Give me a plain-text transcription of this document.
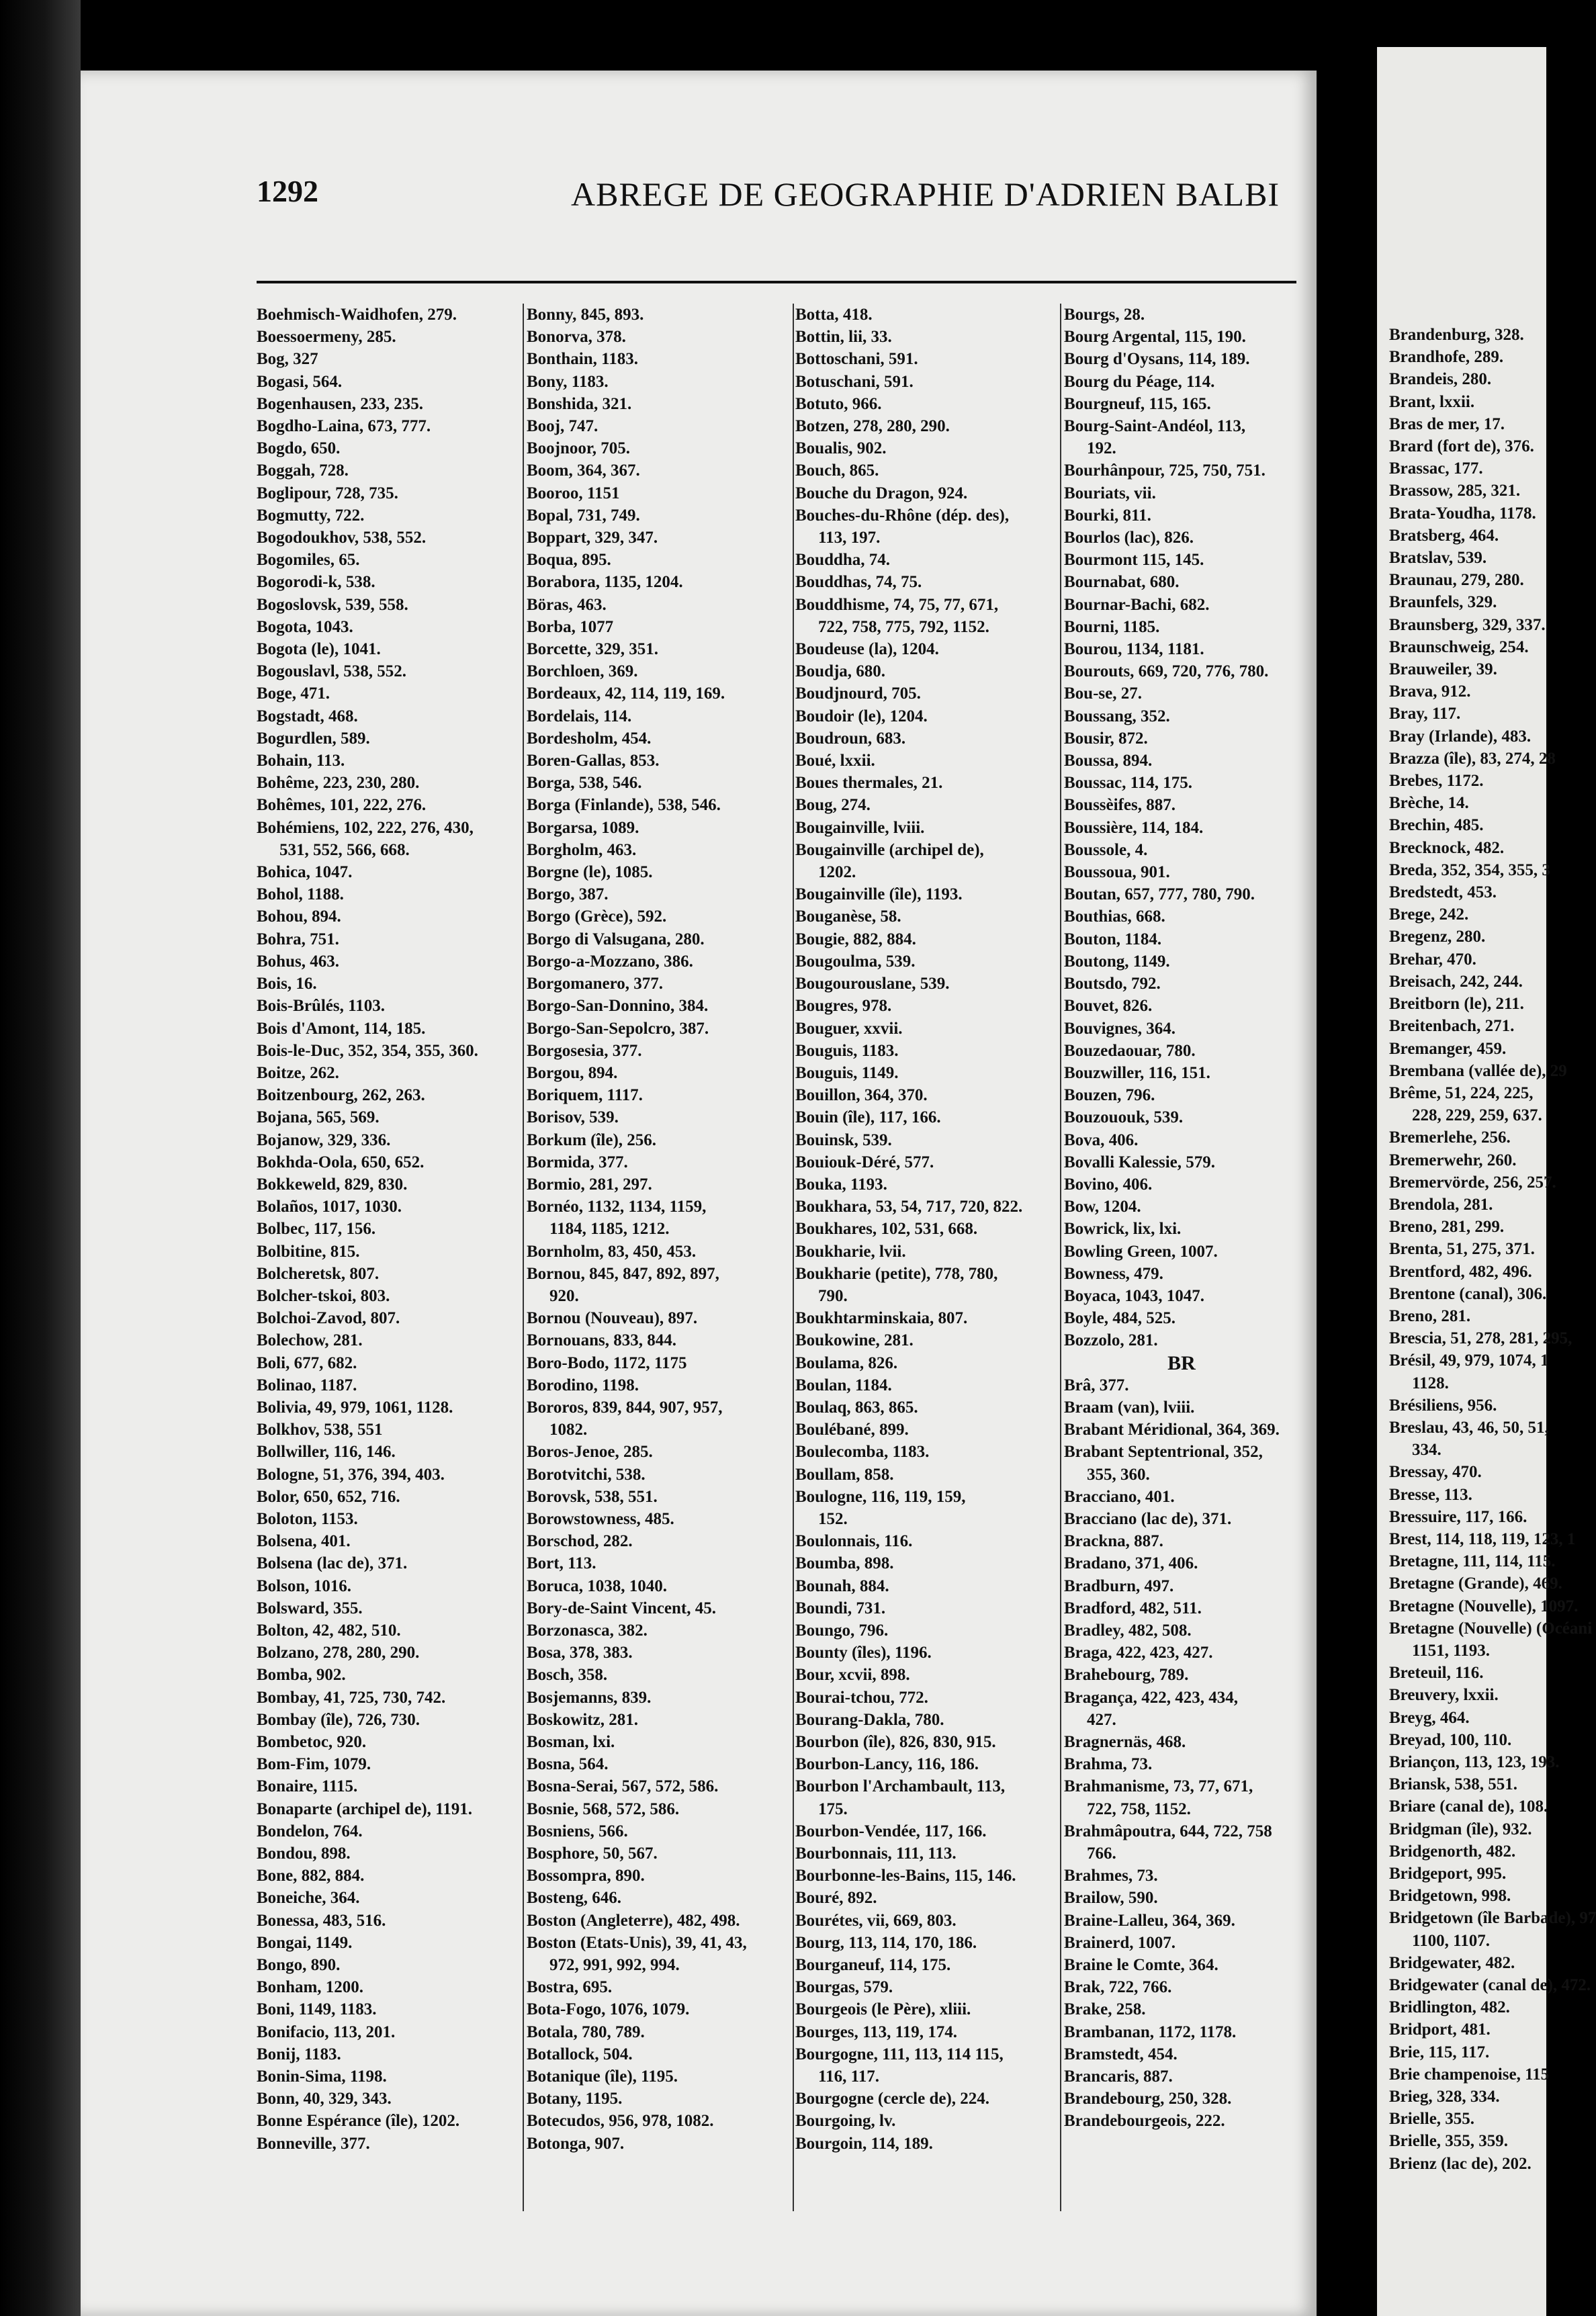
1292	ABREGE DE GEOGRAPHIE D'ADRIEN BALBI
Boehmisch-Waidhofen, 279.
Boessoermeny, 285.
Bog, 327
Bogasi, 564.
Bogenhausen, 233, 235.
Bogdho-Laina, 673, 777.
Bogdo, 650.
Boggah, 728.
Boglipour, 728, 735.
Bogmutty, 722.
Bogodoukhov, 538, 552.
Bogomiles, 65.
Bogorodi-k, 538.
Bogoslovsk, 539, 558.
Bogota, 1043.
Bogota (le), 1041.
Bogouslavl, 538, 552.
Boge, 471.
Bogstadt, 468.
Bogurdlen, 589.
Bohain, 113.
Bohême, 223, 230, 280.
Bohêmes, 101, 222, 276.
Bohémiens, 102, 222, 276, 430,
531, 552, 566, 668.
Bohica, 1047.
Bohol, 1188.
Bohou, 894.
Bohra, 751.
Bohus, 463.
Bois, 16.
Bois-Brûlés, 1103.
Bois d'Amont, 114, 185.
Bois-le-Duc, 352, 354, 355, 360.
Boitze, 262.
Boitzenbourg, 262, 263.
Bojana, 565, 569.
Bojanow, 329, 336.
Bokhda-Oola, 650, 652.
Bokkeweld, 829, 830.
Bolaños, 1017, 1030.
Bolbec, 117, 156.
Bolbitine, 815.
Bolcheretsk, 807.
Bolcher-tskoi, 803.
Bolchoi-Zavod, 807.
Bolechow, 281.
Boli, 677, 682.
Bolinao, 1187.
Bolivia, 49, 979, 1061, 1128.
Bolkhov, 538, 551
Bollwiller, 116, 146.
Bologne, 51, 376, 394, 403.
Bolor, 650, 652, 716.
Boloton, 1153.
Bolsena, 401.
Bolsena (lac de), 371.
Bolson, 1016.
Bolsward, 355.
Bolton, 42, 482, 510.
Bolzano, 278, 280, 290.
Bomba, 902.
Bombay, 41, 725, 730, 742.
Bombay (île), 726, 730.
Bombetoc, 920.
Bom-Fim, 1079.
Bonaire, 1115.
Bonaparte (archipel de), 1191.
Bondelon, 764.
Bondou, 898.
Bone, 882, 884.
Boneiche, 364.
Bonessa, 483, 516.
Bongai, 1149.
Bongo, 890.
Bonham, 1200.
Boni, 1149, 1183.
Bonifacio, 113, 201.
Bonij, 1183.
Bonin-Sima, 1198.
Bonn, 40, 329, 343.
Bonne Espérance (île), 1202.
Bonneville, 377.
Bonny, 845, 893.
Bonorva, 378.
Bonthain, 1183.
Bony, 1183.
Bonshida, 321.
Booj, 747.
Boojnoor, 705.
Boom, 364, 367.
Booroo, 1151
Bopal, 731, 749.
Boppart, 329, 347.
Boqua, 895.
Borabora, 1135, 1204.
Böras, 463.
Borba, 1077
Borcette, 329, 351.
Borchloen, 369.
Bordeaux, 42, 114, 119, 169.
Bordelais, 114.
Bordesholm, 454.
Boren-Gallas, 853.
Borga, 538, 546.
Borga (Finlande), 538, 546.
Borgarsa, 1089.
Borgholm, 463.
Borgne (le), 1085.
Borgo, 387.
Borgo (Grèce), 592.
Borgo di Valsugana, 280.
Borgo-a-Mozzano, 386.
Borgomanero, 377.
Borgo-San-Donnino, 384.
Borgo-San-Sepolcro, 387.
Borgosesia, 377.
Borgou, 894.
Boriquem, 1117.
Borisov, 539.
Borkum (île), 256.
Bormida, 377.
Bormio, 281, 297.
Bornéo, 1132, 1134, 1159,
1184, 1185, 1212.
Bornholm, 83, 450, 453.
Bornou, 845, 847, 892, 897,
920.
Bornou (Nouveau), 897.
Bornouans, 833, 844.
Boro-Bodo, 1172, 1175
Borodino, 1198.
Bororos, 839, 844, 907, 957,
1082.
Boros-Jenoe, 285.
Borotvitchi, 538.
Borovsk, 538, 551.
Borowstowness, 485.
Borschod, 282.
Bort, 113.
Boruca, 1038, 1040.
Bory-de-Saint Vincent, 45.
Borzonasca, 382.
Bosa, 378, 383.
Bosch, 358.
Bosjemanns, 839.
Boskowitz, 281.
Bosman, lxi.
Bosna, 564.
Bosna-Serai, 567, 572, 586.
Bosnie, 568, 572, 586.
Bosniens, 566.
Bosphore, 50, 567.
Bossompra, 890.
Bosteng, 646.
Boston (Angleterre), 482, 498.
Boston (Etats-Unis), 39, 41, 43,
972, 991, 992, 994.
Bostra, 695.
Bota-Fogo, 1076, 1079.
Botala, 780, 789.
Botallock, 504.
Botanique (île), 1195.
Botany, 1195.
Botecudos, 956, 978, 1082.
Botonga, 907.
Botta, 418.
Bottin, lii, 33.
Bottoschani, 591.
Botuschani, 591.
Botuto, 966.
Botzen, 278, 280, 290.
Boualis, 902.
Bouch, 865.
Bouche du Dragon, 924.
Bouches-du-Rhône (dép. des),
113, 197.
Bouddha, 74.
Bouddhas, 74, 75.
Bouddhisme, 74, 75, 77, 671,
722, 758, 775, 792, 1152.
Boudeuse (la), 1204.
Boudja, 680.
Boudjnourd, 705.
Boudoir (le), 1204.
Boudroun, 683.
Boué, lxxii.
Boues thermales, 21.
Boug, 274.
Bougainville, lviii.
Bougainville (archipel de),
1202.
Bougainville (île), 1193.
Bouganèse, 58.
Bougie, 882, 884.
Bougoulma, 539.
Bougourouslane, 539.
Bougres, 978.
Bouguer, xxvii.
Bouguis, 1183.
Bouguis, 1149.
Bouillon, 364, 370.
Bouin (île), 117, 166.
Bouinsk, 539.
Bouiouk-Déré, 577.
Bouka, 1193.
Boukhara, 53, 54, 717, 720, 822.
Boukhares, 102, 531, 668.
Boukharie, lvii.
Boukharie (petite), 778, 780,
790.
Boukhtarminskaia, 807.
Boukowine, 281.
Boulama, 826.
Boulan, 1184.
Boulaq, 863, 865.
Boulébané, 899.
Boulecomba, 1183.
Boullam, 858.
Boulogne, 116, 119, 159,
152.
Boulonnais, 116.
Boumba, 898.
Bounah, 884.
Boundi, 731.
Boungo, 796.
Bounty (îles), 1196.
Bour, xcvii, 898.
Bourai-tchou, 772.
Bourang-Dakla, 780.
Bourbon (île), 826, 830, 915.
Bourbon-Lancy, 116, 186.
Bourbon l'Archambault, 113,
175.
Bourbon-Vendée, 117, 166.
Bourbonnais, 111, 113.
Bourbonne-les-Bains, 115, 146.
Bouré, 892.
Bourétes, vii, 669, 803.
Bourg, 113, 114, 170, 186.
Bourganeuf, 114, 175.
Bourgas, 579.
Bourgeois (le Père), xliii.
Bourges, 113, 119, 174.
Bourgogne, 111, 113, 114 115,
116, 117.
Bourgogne (cercle de), 224.
Bourgoing, lv.
Bourgoin, 114, 189.
Bourgs, 28.
Bourg Argental, 115, 190.
Bourg d'Oysans, 114, 189.
Bourg du Péage, 114.
Bourgneuf, 115, 165.
Bourg-Saint-Andéol, 113,
192.
Bourhânpour, 725, 750, 751.
Bouriats, vii.
Bourki, 811.
Bourlos (lac), 826.
Bourmont 115, 145.
Bournabat, 680.
Bournar-Bachi, 682.
Bourni, 1185.
Bourou, 1134, 1181.
Bourouts, 669, 720, 776, 780.
Bou-se, 27.
Boussang, 352.
Bousir, 872.
Boussa, 894.
Boussac, 114, 175.
Boussèifes, 887.
Boussière, 114, 184.
Boussole, 4.
Boussoua, 901.
Boutan, 657, 777, 780, 790.
Bouthias, 668.
Bouton, 1184.
Boutong, 1149.
Boutsdo, 792.
Bouvet, 826.
Bouvignes, 364.
Bouzedaouar, 780.
Bouzwiller, 116, 151.
Bouzen, 796.
Bouzououk, 539.
Bova, 406.
Bovalli Kalessie, 579.
Bovino, 406.
Bow, 1204.
Bowrick, lix, lxi.
Bowling Green, 1007.
Bowness, 479.
Boyaca, 1043, 1047.
Boyle, 484, 525.
Bozzolo, 281.
BR
Brâ, 377.
Braam (van), lviii.
Brabant Méridional, 364, 369.
Brabant Septentrional, 352,
355, 360.
Bracciano, 401.
Bracciano (lac de), 371.
Brackna, 887.
Bradano, 371, 406.
Bradburn, 497.
Bradford, 482, 511.
Bradley, 482, 508.
Braga, 422, 423, 427.
Brahebourg, 789.
Bragança, 422, 423, 434,
427.
Bragnernäs, 468.
Brahma, 73.
Brahmanisme, 73, 77, 671,
722, 758, 1152.
Brahmâpoutra, 644, 722, 758
766.
Brahmes, 73.
Brailow, 590.
Braine-Lalleu, 364, 369.
Brainerd, 1007.
Braine le Comte, 364.
Brak, 722, 766.
Brake, 258.
Brambanan, 1172, 1178.
Bramstedt, 454.
Brancaris, 887.
Brandebourg, 250, 328.
Brandebourgeois, 222.
Brandenburg, 328.
Brandhofe, 289.
Brandeis, 280.
Brant, lxxii.
Bras de mer, 17.
Brard (fort de), 376.
Brassac, 177.
Brassow, 285, 321.
Brata-Youdha, 1178.
Bratsberg, 464.
Bratslav, 539.
Braunau, 279, 280.
Braunfels, 329.
Braunsberg, 329, 337.
Braunschweig, 254.
Brauweiler, 39.
Brava, 912.
Bray, 117.
Bray (Irlande), 483.
Brazza (île), 83, 274, 28
Brebes, 1172.
Brèche, 14.
Brechin, 485.
Brecknock, 482.
Breda, 352, 354, 355, 3
Bredstedt, 453.
Brege, 242.
Bregenz, 280.
Brehar, 470.
Breisach, 242, 244.
Breitborn (le), 211.
Breitenbach, 271.
Bremanger, 459.
Brembana (vallée de), 29
Brême, 51, 224, 225,
228, 229, 259, 637.
Bremerlehe, 256.
Bremerwehr, 260.
Bremervörde, 256, 257.
Brendola, 281.
Breno, 281, 299.
Brenta, 51, 275, 371.
Brentford, 482, 496.
Brentone (canal), 306.
Breno, 281.
Brescia, 51, 278, 281, 295,
Brésil, 49, 979, 1074, 1
1128.
Brésiliens, 956.
Breslau, 43, 46, 50, 51,
334.
Bressay, 470.
Bresse, 113.
Bressuire, 117, 166.
Brest, 114, 118, 119, 123, 1
Bretagne, 111, 114, 115.
Bretagne (Grande), 469.
Bretagne (Nouvelle), 1097.
Bretagne (Nouvelle) (Océani
1151, 1193.
Breteuil, 116.
Breuvery, lxxii.
Breyg, 464.
Breyad, 100, 110.
Briançon, 113, 123, 193.
Briansk, 538, 551.
Briare (canal de), 108.
Bridgman (île), 932.
Bridgenorth, 482.
Bridgeport, 995.
Bridgetown, 998.
Bridgetown (île Barbade), 97
1100, 1107.
Bridgewater, 482.
Bridgewater (canal de), 472.
Bridlington, 482.
Bridport, 481.
Brie, 115, 117.
Brie champenoise, 115
Brieg, 328, 334.
Brielle, 355.
Brielle, 355, 359.
Brienz (lac de), 202.
